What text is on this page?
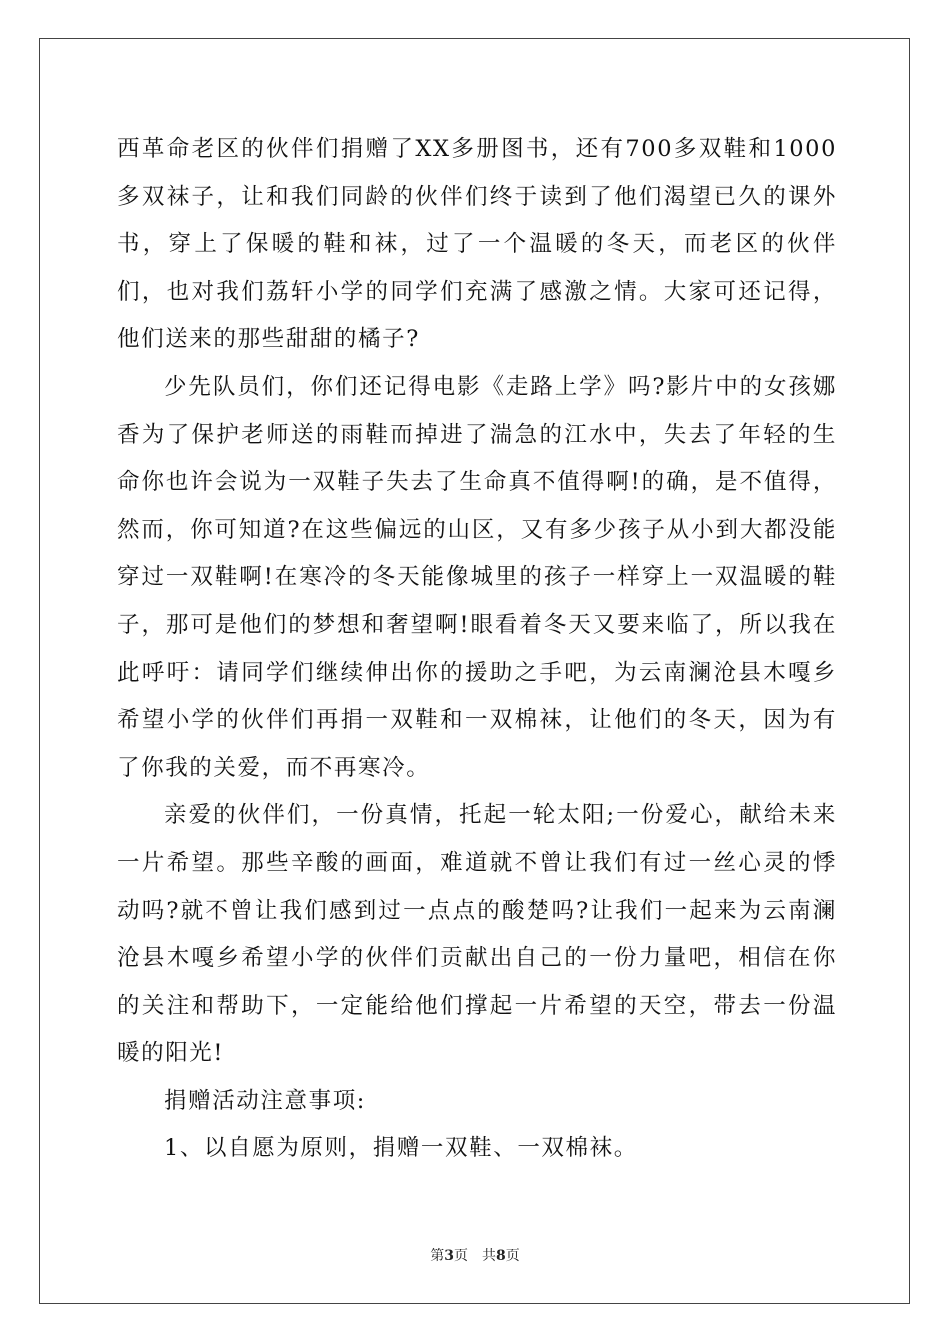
西革命老区的伙伴们捐赠了XX多册图书，还有700多双鞋和1000多双袜子，让和我们同龄的伙伴们终于读到了他们渴望已久的课外书，穿上了保暖的鞋和袜，过了一个温暖的冬天，而老区的伙伴们，也对我们荔轩小学的同学们充满了感激之情。大家可还记得，他们送来的那些甜甜的橘子?

少先队员们，你们还记得电影《走路上学》吗?影片中的女孩娜香为了保护老师送的雨鞋而掉进了湍急的江水中，失去了年轻的生命你也许会说为一双鞋子失去了生命真不值得啊!的确，是不值得，然而，你可知道?在这些偏远的山区，又有多少孩子从小到大都没能穿过一双鞋啊!在寒冷的冬天能像城里的孩子一样穿上一双温暖的鞋子，那可是他们的梦想和奢望啊!眼看着冬天又要来临了，所以我在此呼吁：请同学们继续伸出你的援助之手吧，为云南澜沧县木嘎乡希望小学的伙伴们再捐一双鞋和一双棉袜，让他们的冬天，因为有了你我的关爱，而不再寒冷。

亲爱的伙伴们，一份真情，托起一轮太阳;一份爱心，献给未来一片希望。那些辛酸的画面，难道就不曾让我们有过一丝心灵的悸动吗?就不曾让我们感到过一点点的酸楚吗?让我们一起来为云南澜沧县木嘎乡希望小学的伙伴们贡献出自己的一份力量吧，相信在你的关注和帮助下，一定能给他们撑起一片希望的天空，带去一份温暖的阳光!

捐赠活动注意事项:

1、以自愿为原则，捐赠一双鞋、一双棉袜。

第3页　共8页
